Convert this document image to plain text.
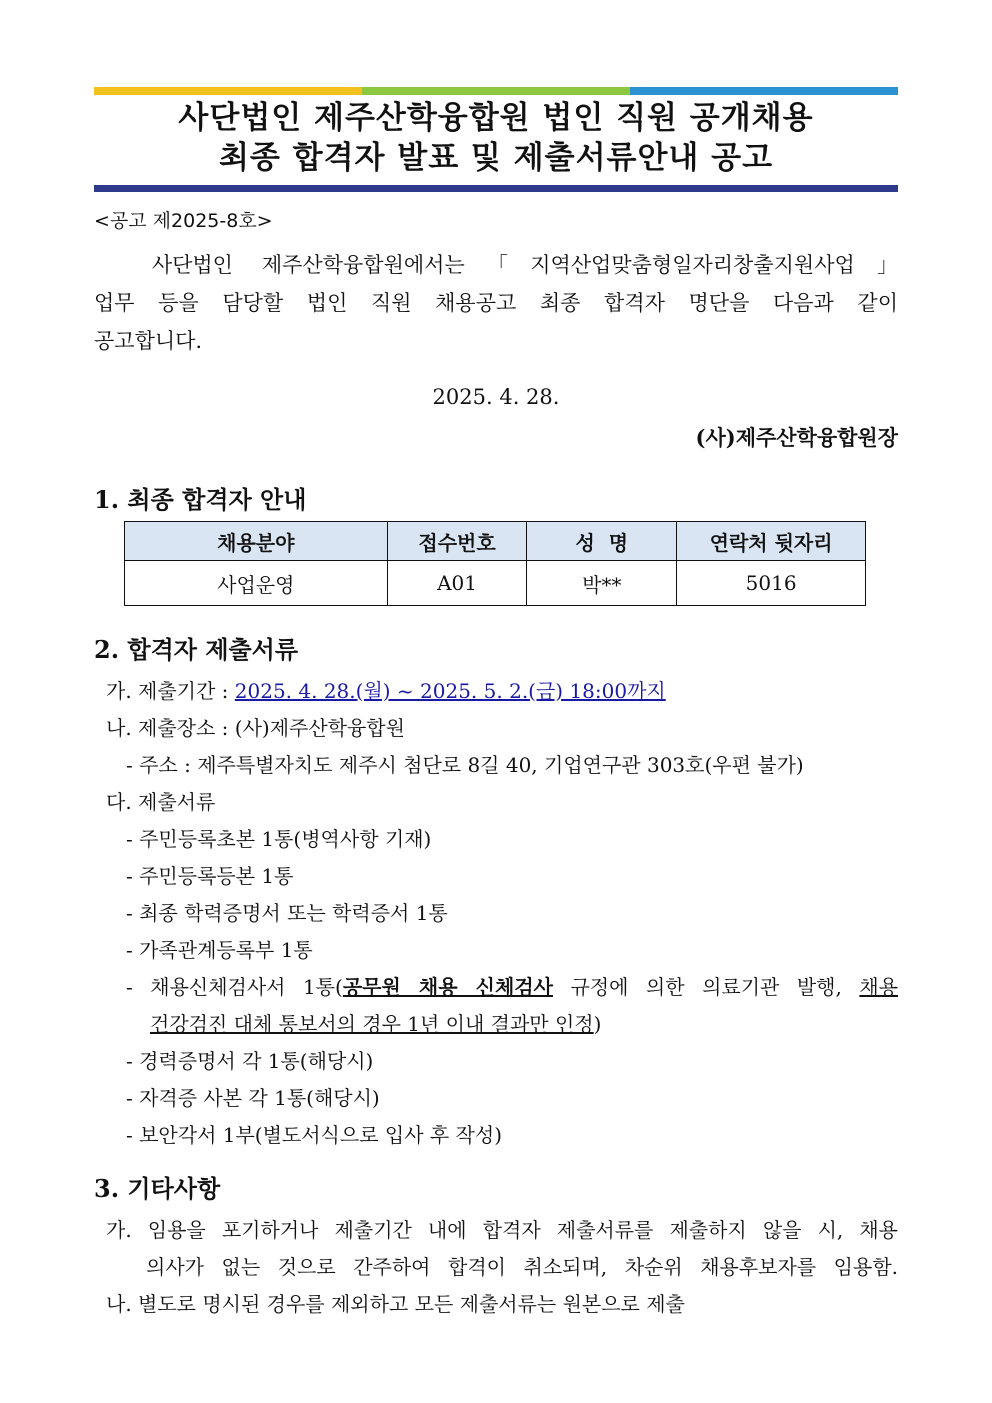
사단법인 제주산학융합원 법인 직원 공개채용
최종 합격자 발표 및 제출서류안내 공고
<공고 제2025-8호>
사단법인 제주산학융합원에서는「지역산업맞춤형일자리창출지원사업」
업무 등을 담당할 법인 직원 채용공고 최종 합격자 명단을 다음과 같이
공고합니다.
2025. 4. 28.
(사)제주산학융합원장
1. 최종 합격자 안내
채용분야	접수번호	성  명	연락처 뒷자리
사업운영	A01	박**	5016
2. 합격자 제출서류
가. 제출기간 : 2025. 4. 28.(월) ~ 2025. 5. 2.(금) 18:00까지
나. 제출장소 : (사)제주산학융합원
- 주소 : 제주특별자치도 제주시 첨단로 8길 40, 기업연구관 303호(우편 불가)
다. 제출서류
- 주민등록초본 1통(병역사항 기재)
- 주민등록등본 1통
- 최종 학력증명서 또는 학력증서 1통
- 가족관계등록부 1통
- 채용신체검사서 1통(공무원 채용 신체검사 규정에 의한 의료기관 발행, 채용
건강검진 대체 통보서의 경우 1년 이내 결과만 인정)
- 경력증명서 각 1통(해당시)
- 자격증 사본 각 1통(해당시)
- 보안각서 1부(별도서식으로 입사 후 작성)
3. 기타사항
가. 임용을 포기하거나 제출기간 내에 합격자 제출서류를 제출하지 않을 시, 채용
의사가 없는 것으로 간주하여 합격이 취소되며, 차순위 채용후보자를 임용함.
나. 별도로 명시된 경우를 제외하고 모든 제출서류는 원본으로 제출
